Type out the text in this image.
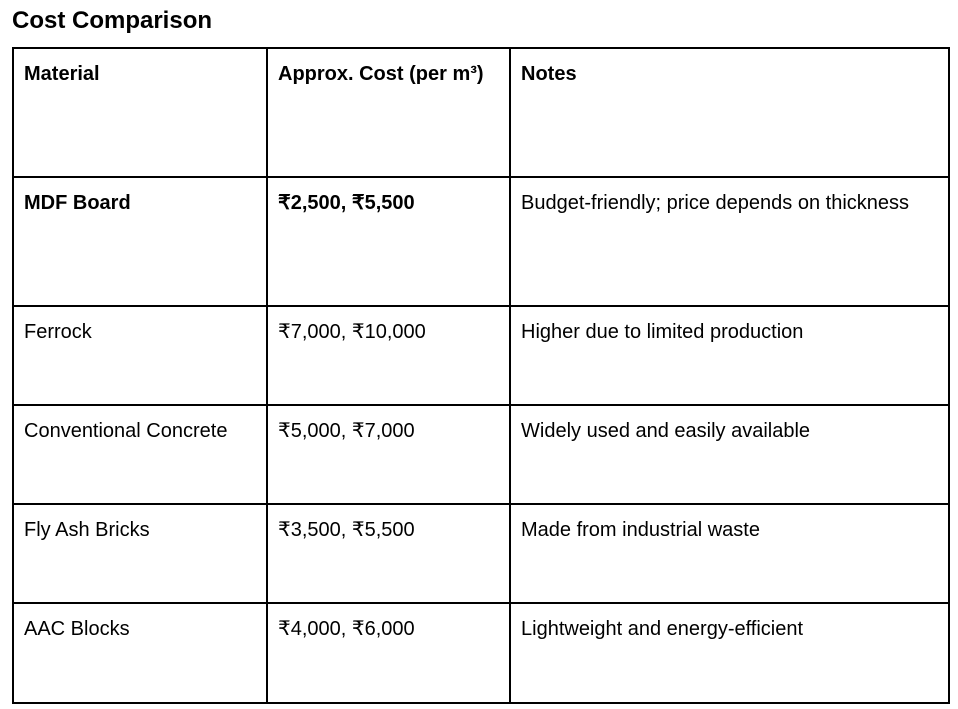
Cost Comparison
Material	Approx. Cost (per m³)	Notes
MDF Board	₹2,500, ₹5,500	Budget-friendly; price depends on thickness
Ferrock	₹7,000, ₹10,000	Higher due to limited production
Conventional Concrete	₹5,000, ₹7,000	Widely used and easily available
Fly Ash Bricks	₹3,500, ₹5,500	Made from industrial waste
AAC Blocks	₹4,000, ₹6,000	Lightweight and energy-efficient
